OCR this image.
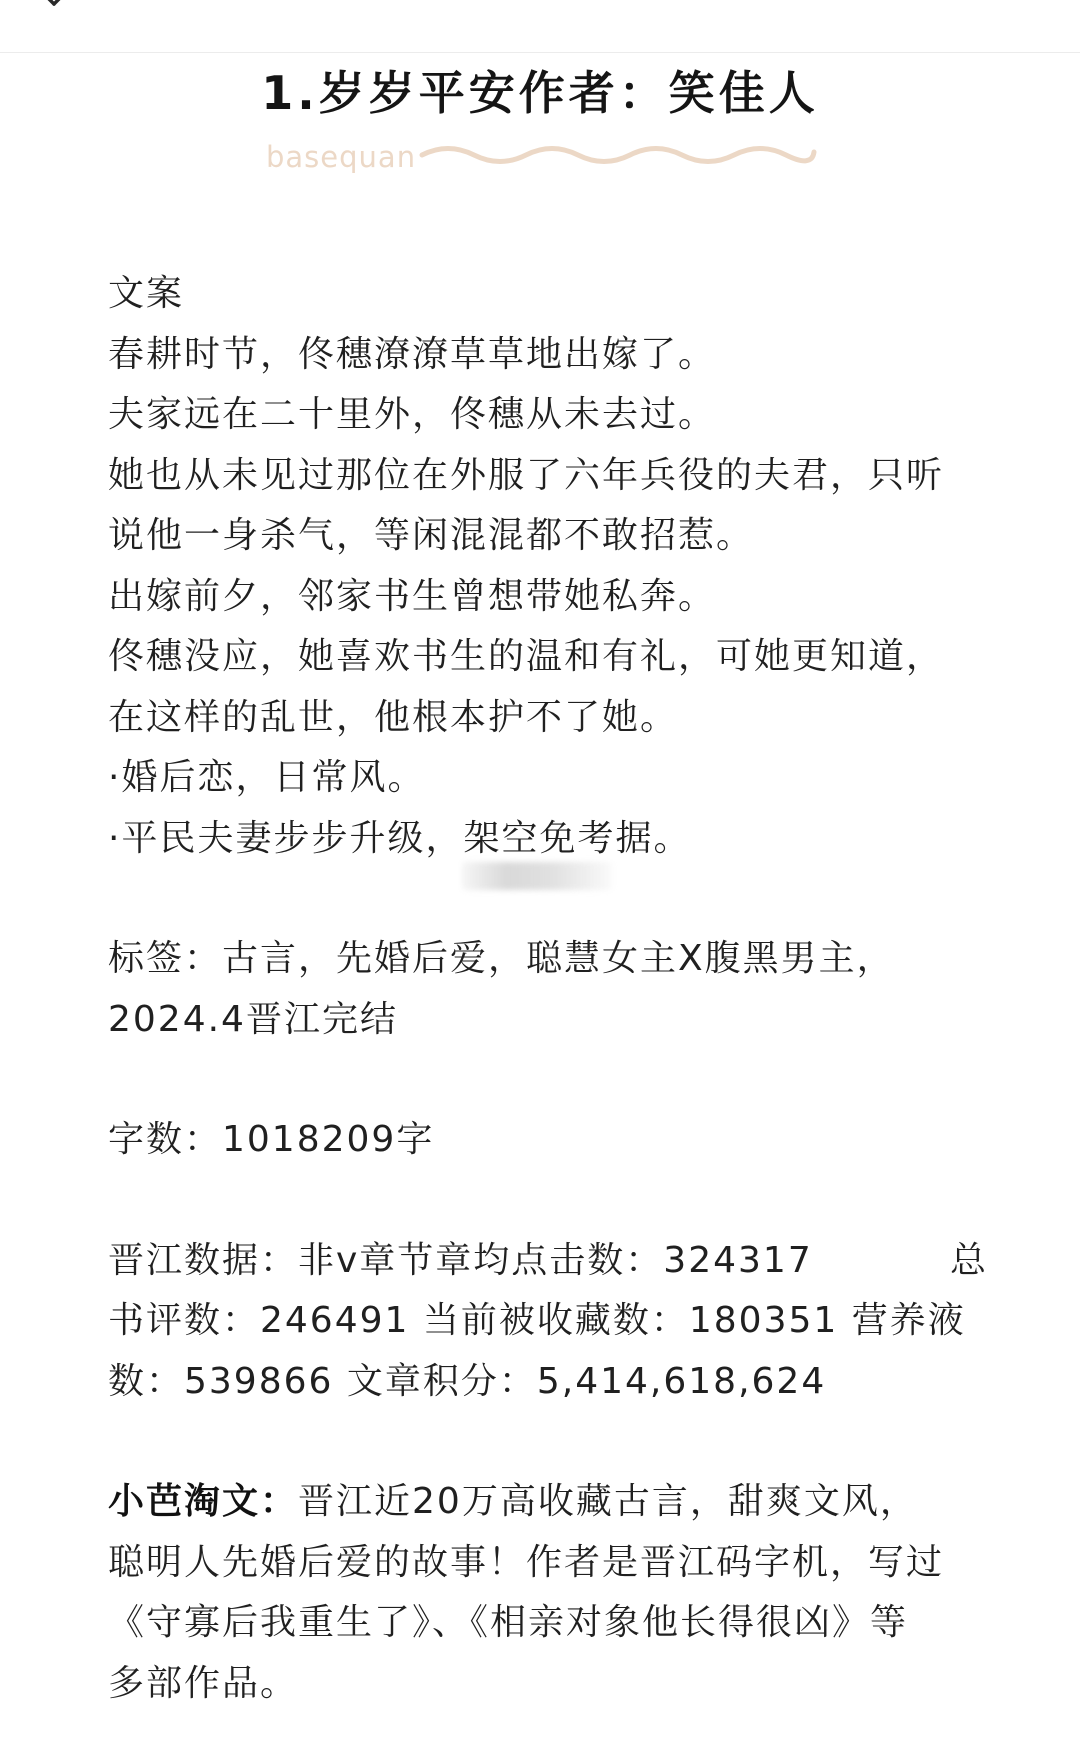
1.岁岁平安作者：笑佳人
basequan

文案

春耕时节，佟穗潦潦草草地出嫁了。

夫家远在二十里外，佟穗从未去过。

她也从未见过那位在外服了六年兵役的夫君，只听

说他一身杀气，等闲混混都不敢招惹。

出嫁前夕，邻家书生曾想带她私奔。

佟穗没应，她喜欢书生的温和有礼，可她更知道，

在这样的乱世，他根本护不了她。

·婚后恋，日常风。

·平民夫妻步步升级，架空免考据。

标签：古言，先婚后爱，聪慧女主X腹黑男主，

2024.4晋江完结

字数：1018209字

晋江数据：非v章节章均点击数：324317	总

书评数：246491 当前被收藏数：180351 营养液

数：539866 文章积分：5,414,618,624

小芭淘文：晋江近20万高收藏古言，甜爽文风，

聪明人先婚后爱的故事！作者是晋江码字机，写过

《守寡后我重生了》、《相亲对象他长得很凶》等

多部作品。
